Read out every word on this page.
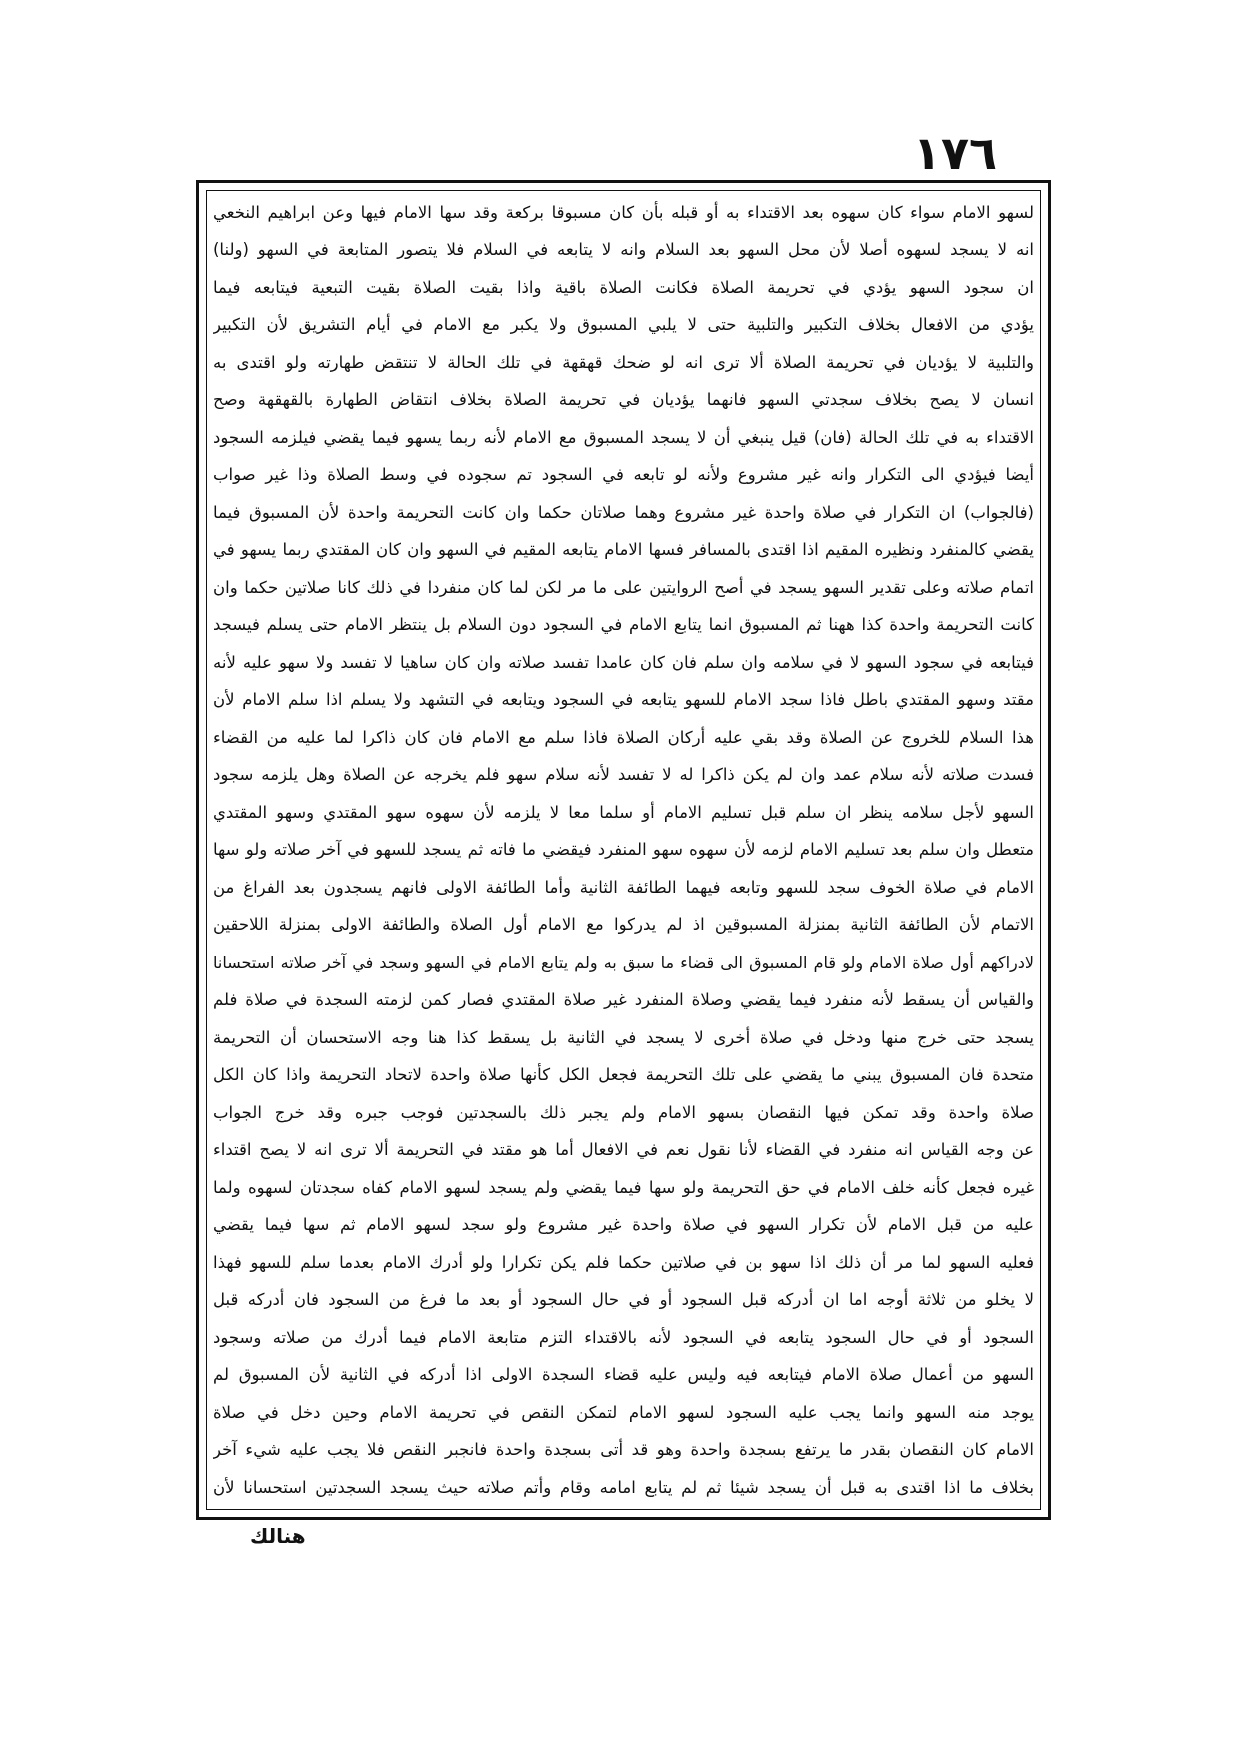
١٧٦
لسهو الامام سواء كان سهوه بعد الاقتداء به أو قبله بأن كان مسبوقا بركعة وقد سها الامام فيها وعن ابراهيم النخعي
انه لا يسجد لسهوه أصلا لأن محل السهو بعد السلام وانه لا يتابعه في السلام فلا يتصور المتابعة في السهو (ولنا)
ان سجود السهو يؤدي في تحريمة الصلاة فكانت الصلاة باقية واذا بقيت الصلاة بقيت التبعية فيتابعه فيما
يؤدي من الافعال بخلاف التكبير والتلبية حتى لا يلبي المسبوق ولا يكبر مع الامام في أيام التشريق لأن التكبير
والتلبية لا يؤديان في تحريمة الصلاة ألا ترى انه لو ضحك قهقهة في تلك الحالة لا تنتقض طهارته ولو اقتدى به
انسان لا يصح بخلاف سجدتي السهو فانهما يؤديان في تحريمة الصلاة بخلاف انتقاض الطهارة بالقهقهة وصح
الاقتداء به في تلك الحالة (فان) قيل ينبغي أن لا يسجد المسبوق مع الامام لأنه ربما يسهو فيما يقضي فيلزمه السجود
أيضا فيؤدي الى التكرار وانه غير مشروع ولأنه لو تابعه في السجود تم سجوده في وسط الصلاة وذا غير صواب
(فالجواب) ان التكرار في صلاة واحدة غير مشروع وهما صلاتان حكما وان كانت التحريمة واحدة لأن المسبوق فيما
يقضي كالمنفرد ونظيره المقيم اذا اقتدى بالمسافر فسها الامام يتابعه المقيم في السهو وان كان المقتدي ربما يسهو في
اتمام صلاته وعلى تقدير السهو يسجد في أصح الروايتين على ما مر لكن لما كان منفردا في ذلك كانا صلاتين حكما وان
كانت التحريمة واحدة كذا ههنا ثم المسبوق انما يتابع الامام في السجود دون السلام بل ينتظر الامام حتى يسلم فيسجد
فيتابعه في سجود السهو لا في سلامه وان سلم فان كان عامدا تفسد صلاته وان كان ساهيا لا تفسد ولا سهو عليه لأنه
مقتد وسهو المقتدي باطل فاذا سجد الامام للسهو يتابعه في السجود ويتابعه في التشهد ولا يسلم اذا سلم الامام لأن
هذا السلام للخروج عن الصلاة وقد بقي عليه أركان الصلاة فاذا سلم مع الامام فان كان ذاكرا لما عليه من القضاء
فسدت صلاته لأنه سلام عمد وان لم يكن ذاكرا له لا تفسد لأنه سلام سهو فلم يخرجه عن الصلاة وهل يلزمه سجود
السهو لأجل سلامه ينظر ان سلم قبل تسليم الامام أو سلما معا لا يلزمه لأن سهوه سهو المقتدي وسهو المقتدي
متعطل وان سلم بعد تسليم الامام لزمه لأن سهوه سهو المنفرد فيقضي ما فاته ثم يسجد للسهو في آخر صلاته ولو سها
الامام في صلاة الخوف سجد للسهو وتابعه فيهما الطائفة الثانية وأما الطائفة الاولى فانهم يسجدون بعد الفراغ من
الاتمام لأن الطائفة الثانية بمنزلة المسبوقين اذ لم يدركوا مع الامام أول الصلاة والطائفة الاولى بمنزلة اللاحقين
لادراكهم أول صلاة الامام ولو قام المسبوق الى قضاء ما سبق به ولم يتابع الامام في السهو وسجد في آخر صلاته استحسانا
والقياس أن يسقط لأنه منفرد فيما يقضي وصلاة المنفرد غير صلاة المقتدي فصار كمن لزمته السجدة في صلاة فلم
يسجد حتى خرج منها ودخل في صلاة أخرى لا يسجد في الثانية بل يسقط كذا هنا وجه الاستحسان أن التحريمة
متحدة فان المسبوق يبني ما يقضي على تلك التحريمة فجعل الكل كأنها صلاة واحدة لاتحاد التحريمة واذا كان الكل
صلاة واحدة وقد تمكن فيها النقصان بسهو الامام ولم يجبر ذلك بالسجدتين فوجب جبره وقد خرج الجواب
عن وجه القياس انه منفرد في القضاء لأنا نقول نعم في الافعال أما هو مقتد في التحريمة ألا ترى انه لا يصح اقتداء
غيره فجعل كأنه خلف الامام في حق التحريمة ولو سها فيما يقضي ولم يسجد لسهو الامام كفاه سجدتان لسهوه ولما
عليه من قبل الامام لأن تكرار السهو في صلاة واحدة غير مشروع ولو سجد لسهو الامام ثم سها فيما يقضي
فعليه السهو لما مر أن ذلك اذا سهو بن في صلاتين حكما فلم يكن تكرارا ولو أدرك الامام بعدما سلم للسهو فهذا
لا يخلو من ثلاثة أوجه اما ان أدركه قبل السجود أو في حال السجود أو بعد ما فرغ من السجود فان أدركه قبل
السجود أو في حال السجود يتابعه في السجود لأنه بالاقتداء التزم متابعة الامام فيما أدرك من صلاته وسجود
السهو من أعمال صلاة الامام فيتابعه فيه وليس عليه قضاء السجدة الاولى اذا أدركه في الثانية لأن المسبوق لم
يوجد منه السهو وانما يجب عليه السجود لسهو الامام لتمكن النقص في تحريمة الامام وحين دخل في صلاة
الامام كان النقصان بقدر ما يرتفع بسجدة واحدة وهو قد أتى بسجدة واحدة فانجبر النقص فلا يجب عليه شيء آخر
بخلاف ما اذا اقتدى به قبل أن يسجد شيئا ثم لم يتابع امامه وقام وأتم صلاته حيث يسجد السجدتين استحسانا لأن
هنالك
